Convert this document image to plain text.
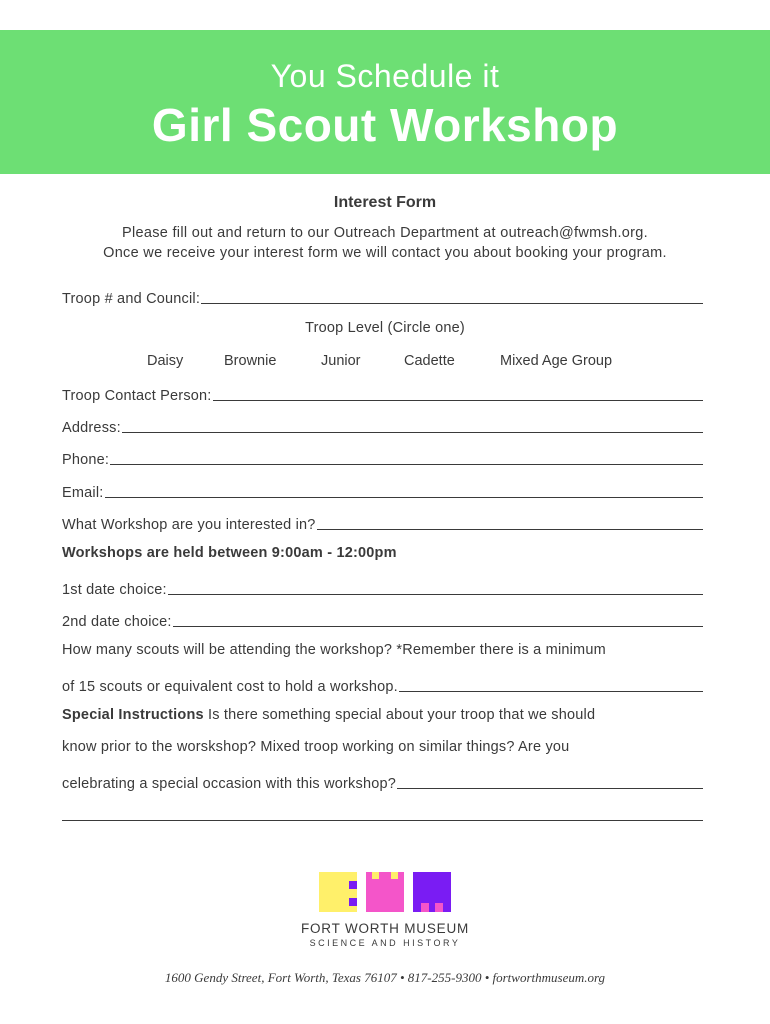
You Schedule it
Girl Scout Workshop
Interest Form
Please fill out and return to our Outreach Department at outreach@fwmsh.org.
Once we receive your interest form we will contact you about booking your program.
Troop # and Council:
Troop Level (Circle one)
Daisy	Brownie	Junior	Cadette	Mixed Age Group
Troop Contact Person:
Address:
Phone:
Email:
What Workshop are you interested in?
Workshops are held between 9:00am - 12:00pm
1st date choice:
2nd date choice:
How many scouts will be attending the workshop? *Remember there is a minimum
of 15 scouts or equivalent cost to hold a workshop.
Special Instructions Is there something special about your troop that we should
know prior to the worskshop? Mixed troop working on similar things? Are you
celebrating a special occasion with this workshop?
FORT WORTH MUSEUM
SCIENCE AND HISTORY
1600 Gendy Street, Fort Worth, Texas 76107 • 817-255-9300 • fortworthmuseum.org
